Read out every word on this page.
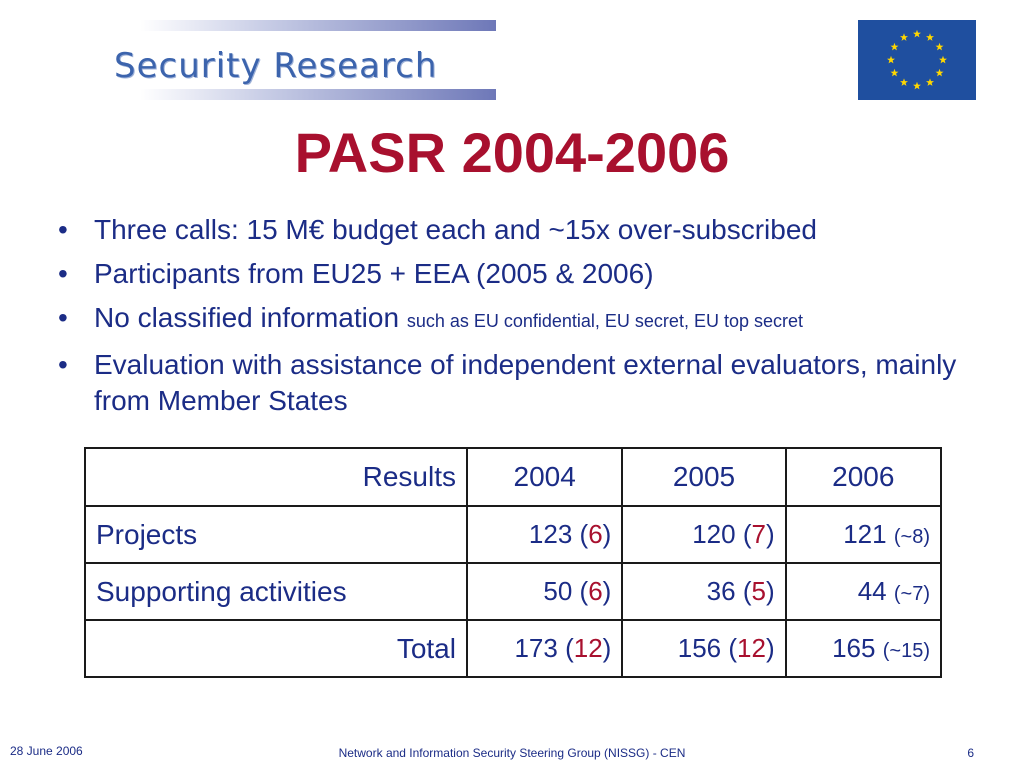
Security Research
PASR 2004-2006
• Three calls: 15 M€ budget each and ~15x over-subscribed
• Participants from EU25 + EEA (2005 & 2006)
• No classified information such as EU confidential, EU secret, EU top secret
• Evaluation with assistance of independent external evaluators, mainly from Member States
Results	2004	2005	2006
Projects	123 (6)	120 (7)	121 (~8)
Supporting activities	50 (6)	36 (5)	44 (~7)
Total	173 (12)	156 (12)	165 (~15)
28 June 2006	Network and Information Security Steering Group (NISSG) - CEN	6
